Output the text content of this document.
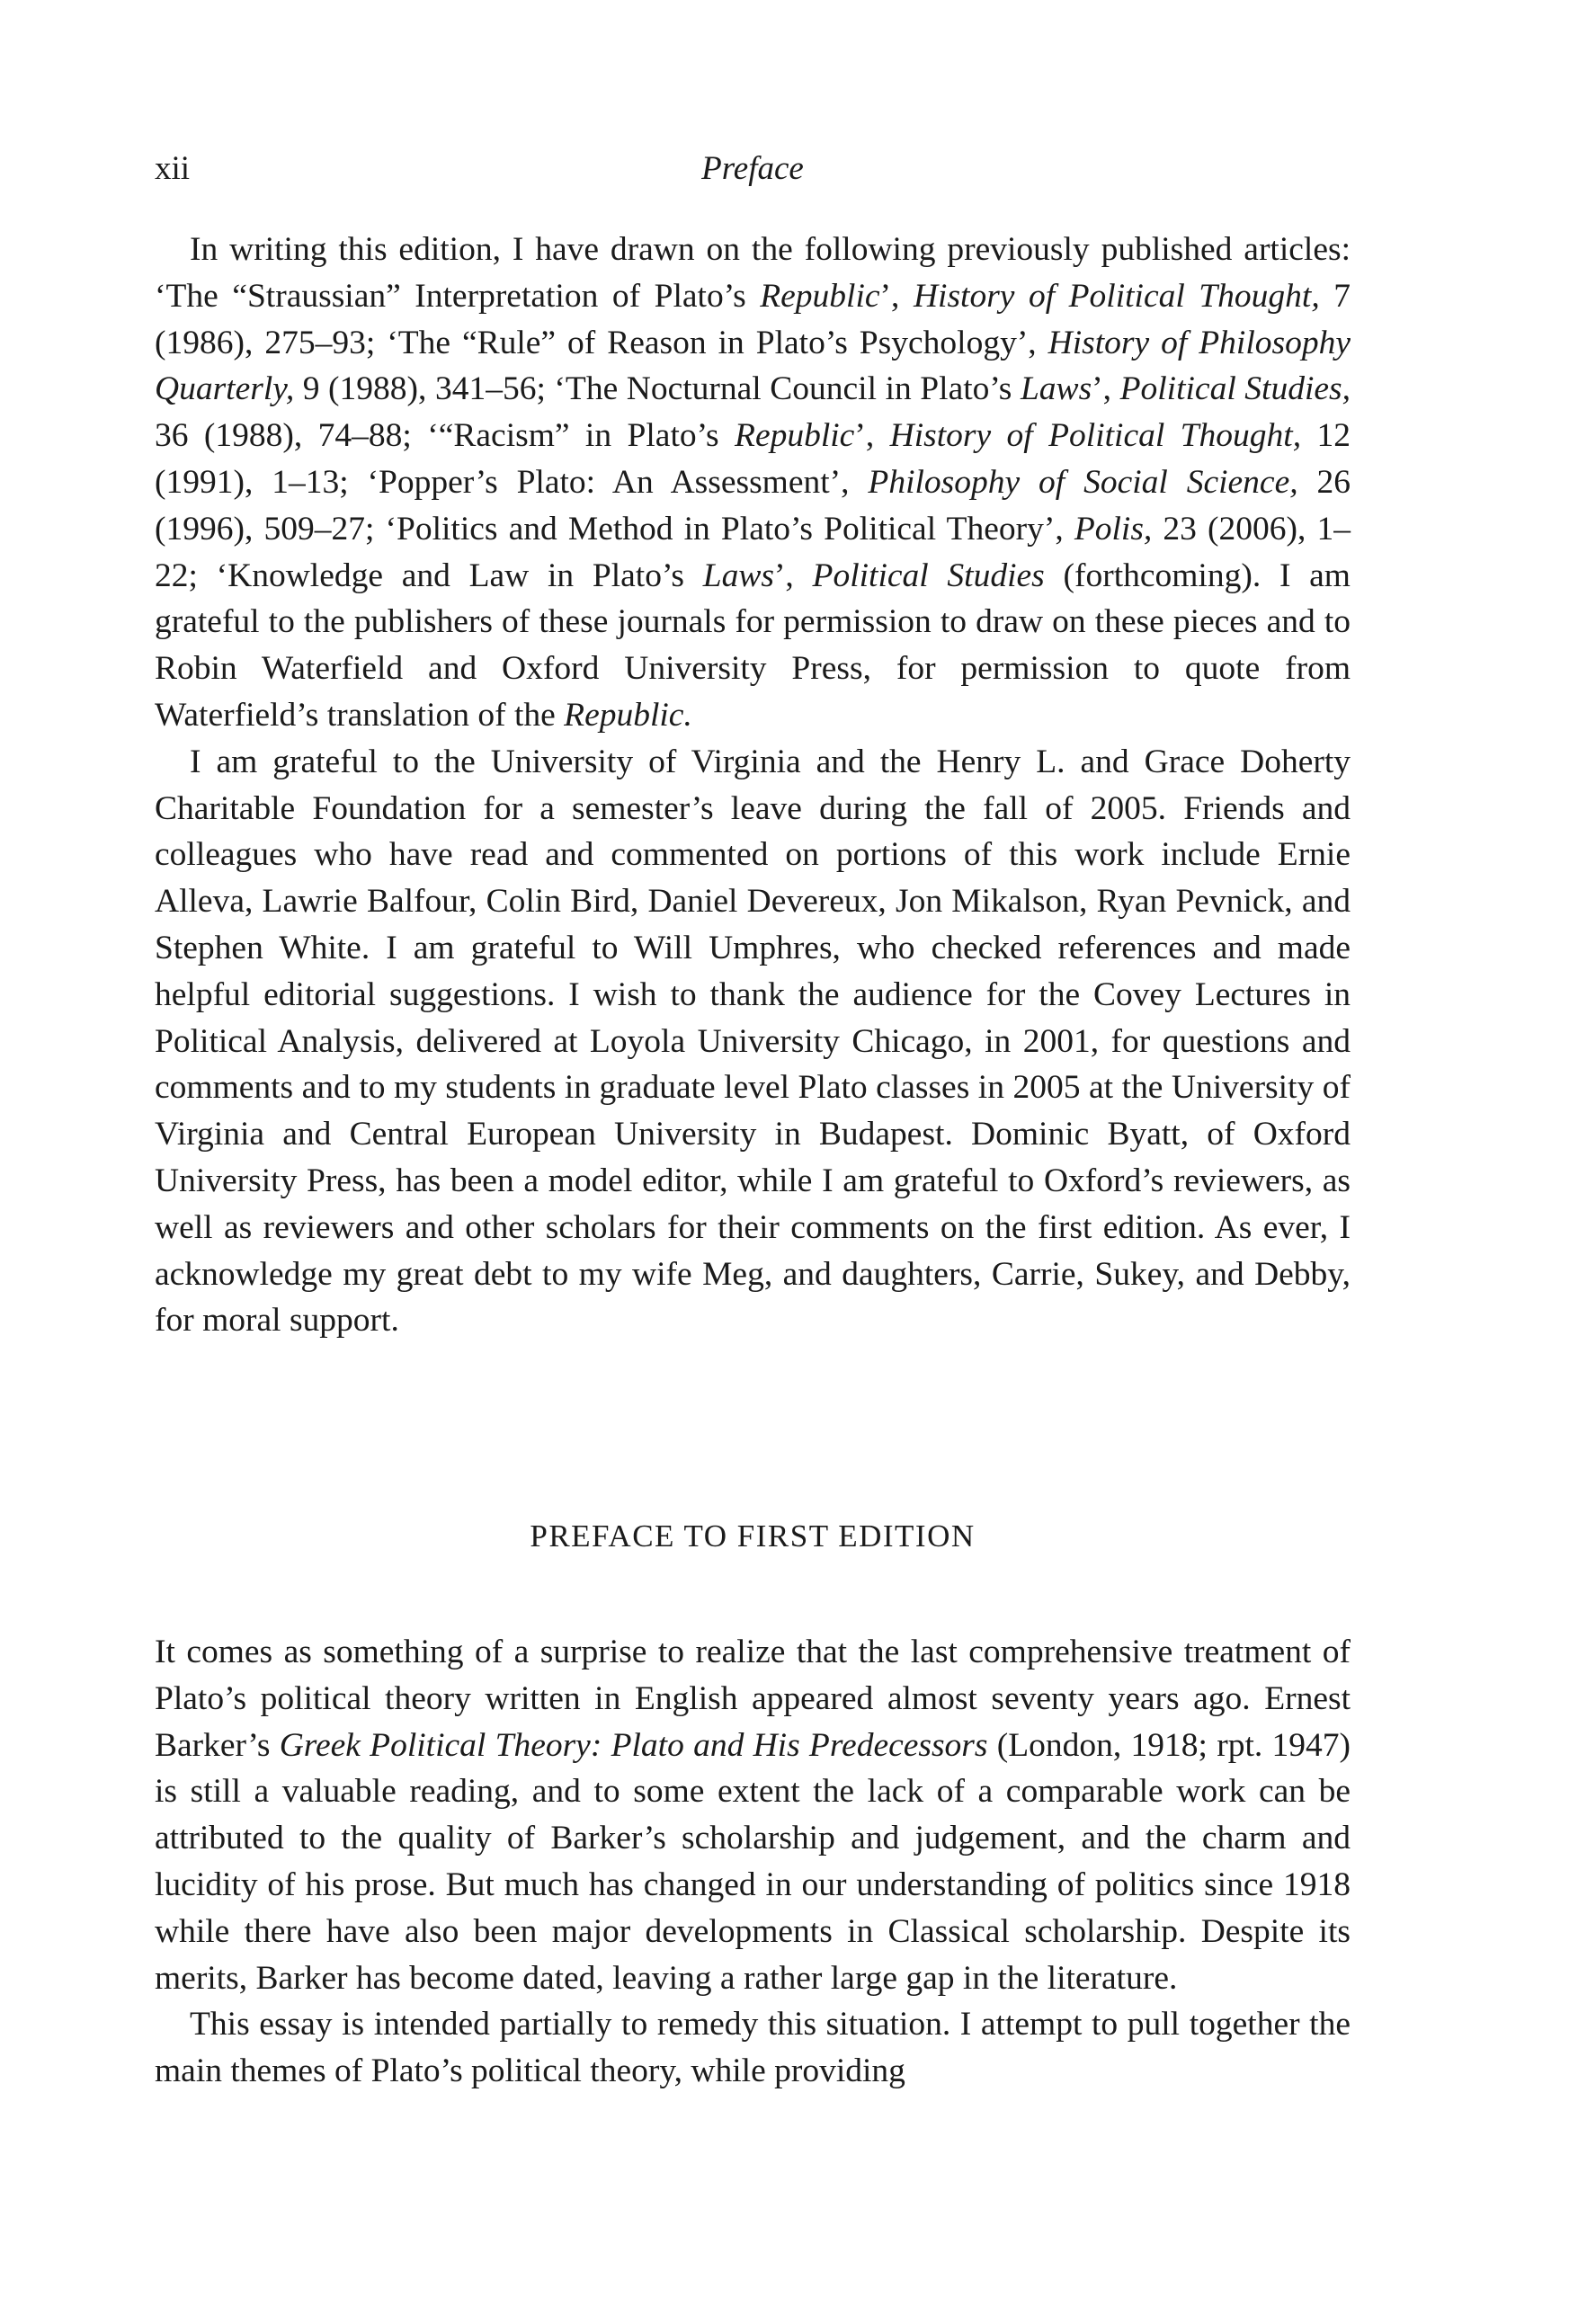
xii	Preface

In writing this edition, I have drawn on the following previously published articles: ‘The “Straussian” Interpretation of Plato’s Republic’, History of Political Thought, 7 (1986), 275–93; ‘The “Rule” of Reason in Plato’s Psychology’, History of Philosophy Quarterly, 9 (1988), 341–56; ‘The Nocturnal Council in Plato’s Laws’, Political Studies, 36 (1988), 74–88; ‘“Racism” in Plato’s Republic’, History of Political Thought, 12 (1991), 1–13; ‘Popper’s Plato: An Assessment’, Philosophy of Social Science, 26 (1996), 509–27; ‘Politics and Method in Plato’s Political Theory’, Polis, 23 (2006), 1–22; ‘Knowledge and Law in Plato’s Laws’, Political Studies (forthcoming). I am grateful to the publishers of these journals for permission to draw on these pieces and to Robin Waterfield and Oxford University Press, for permission to quote from Waterfield’s translation of the Republic.

I am grateful to the University of Virginia and the Henry L. and Grace Doherty Charitable Foundation for a semester’s leave during the fall of 2005. Friends and colleagues who have read and commented on portions of this work include Ernie Alleva, Lawrie Balfour, Colin Bird, Daniel Devereux, Jon Mikalson, Ryan Pevnick, and Stephen White. I am grateful to Will Umphres, who checked references and made helpful editorial suggestions. I wish to thank the audience for the Covey Lectures in Political Analysis, delivered at Loyola University Chicago, in 2001, for questions and comments and to my students in graduate level Plato classes in 2005 at the University of Virginia and Central European University in Budapest. Dominic Byatt, of Oxford University Press, has been a model editor, while I am grateful to Oxford’s reviewers, as well as reviewers and other scholars for their comments on the first edition. As ever, I acknowledge my great debt to my wife Meg, and daughters, Carrie, Sukey, and Debby, for moral support.

PREFACE TO FIRST EDITION

It comes as something of a surprise to realize that the last comprehensive treatment of Plato’s political theory written in English appeared almost seventy years ago. Ernest Barker’s Greek Political Theory: Plato and His Predecessors (London, 1918; rpt. 1947) is still a valuable reading, and to some extent the lack of a comparable work can be attributed to the quality of Barker’s scholarship and judgement, and the charm and lucidity of his prose. But much has changed in our understanding of politics since 1918 while there have also been major developments in Classical scholarship. Despite its merits, Barker has become dated, leaving a rather large gap in the literature.

This essay is intended partially to remedy this situation. I attempt to pull together the main themes of Plato’s political theory, while providing
